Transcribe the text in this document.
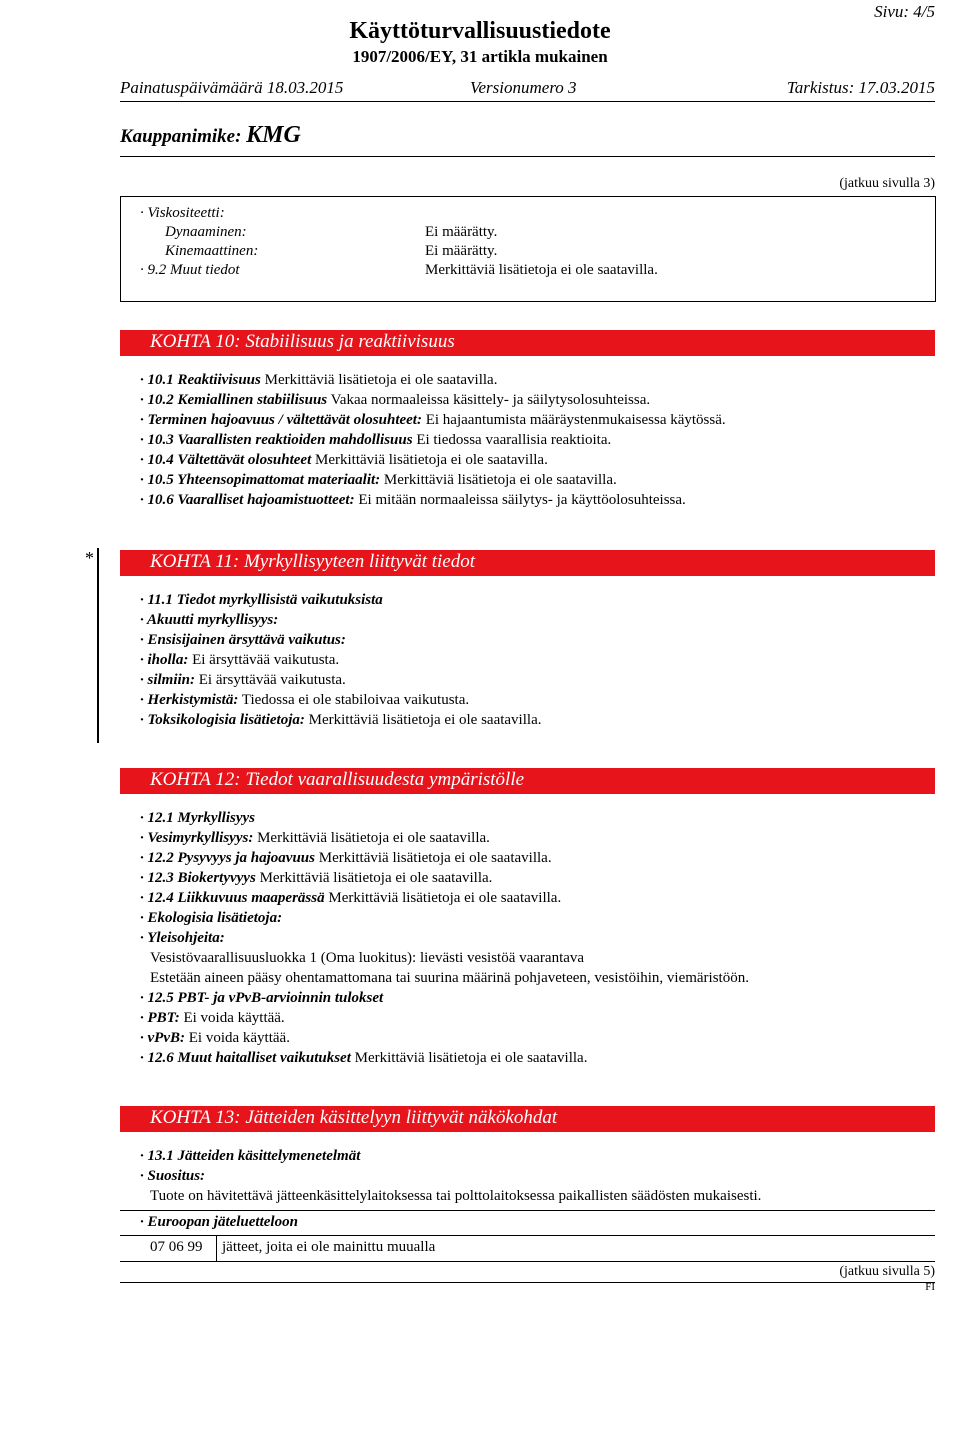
Sivu: 4/5
Käyttöturvallisuustiedote
1907/2006/EY, 31 artikla mukainen
Painatuspäivämäärä 18.03.2015	Versionumero 3	Tarkistus: 17.03.2015
Kauppanimike: KMG
(jatkuu sivulla 3)
· Viskositeetti:
Dynaaminen:	Ei määrätty.
Kinemaattinen:	Ei määrätty.
· 9.2 Muut tiedot	Merkittäviä lisätietoja ei ole saatavilla.
KOHTA 10: Stabiilisuus ja reaktiivisuus
· 10.1 Reaktiivisuus Merkittäviä lisätietoja ei ole saatavilla.
· 10.2 Kemiallinen stabiilisuus Vakaa normaaleissa käsittely- ja säilytysolosuhteissa.
· Terminen hajoavuus / vältettävät olosuhteet: Ei hajaantumista määräystenmukaisessa käytössä.
· 10.3 Vaarallisten reaktioiden mahdollisuus Ei tiedossa vaarallisia reaktioita.
· 10.4 Vältettävät olosuhteet Merkittäviä lisätietoja ei ole saatavilla.
· 10.5 Yhteensopimattomat materiaalit: Merkittäviä lisätietoja ei ole saatavilla.
· 10.6 Vaaralliset hajoamistuotteet: Ei mitään normaaleissa säilytys- ja käyttöolosuhteissa.
*	KOHTA 11: Myrkyllisyyteen liittyvät tiedot
· 11.1 Tiedot myrkyllisistä vaikutuksista
· Akuutti myrkyllisyys:
· Ensisijainen ärsyttävä vaikutus:
· iholla: Ei ärsyttävää vaikutusta.
· silmiin: Ei ärsyttävää vaikutusta.
· Herkistymistä: Tiedossa ei ole stabiloivaa vaikutusta.
· Toksikologisia lisätietoja: Merkittäviä lisätietoja ei ole saatavilla.
KOHTA 12: Tiedot vaarallisuudesta ympäristölle
· 12.1 Myrkyllisyys
· Vesimyrkyllisyys: Merkittäviä lisätietoja ei ole saatavilla.
· 12.2 Pysyvyys ja hajoavuus Merkittäviä lisätietoja ei ole saatavilla.
· 12.3 Biokertyvyys Merkittäviä lisätietoja ei ole saatavilla.
· 12.4 Liikkuvuus maaperässä Merkittäviä lisätietoja ei ole saatavilla.
· Ekologisia lisätietoja:
· Yleisohjeita:
Vesistövaarallisuusluokka 1 (Oma luokitus): lievästi vesistöä vaarantava
Estetään aineen pääsy ohentamattomana tai suurina määrinä pohjaveteen, vesistöihin, viemäristöön.
· 12.5 PBT- ja vPvB-arvioinnin tulokset
· PBT: Ei voida käyttää.
· vPvB: Ei voida käyttää.
· 12.6 Muut haitalliset vaikutukset Merkittäviä lisätietoja ei ole saatavilla.
KOHTA 13: Jätteiden käsittelyyn liittyvät näkökohdat
· 13.1 Jätteiden käsittelymenetelmät
· Suositus:
Tuote on hävitettävä jätteenkäsittelylaitoksessa tai polttolaitoksessa paikallisten säädösten mukaisesti.
· Euroopan jäteluetteloon
07 06 99 jätteet, joita ei ole mainittu muualla
(jatkuu sivulla 5)
FI
